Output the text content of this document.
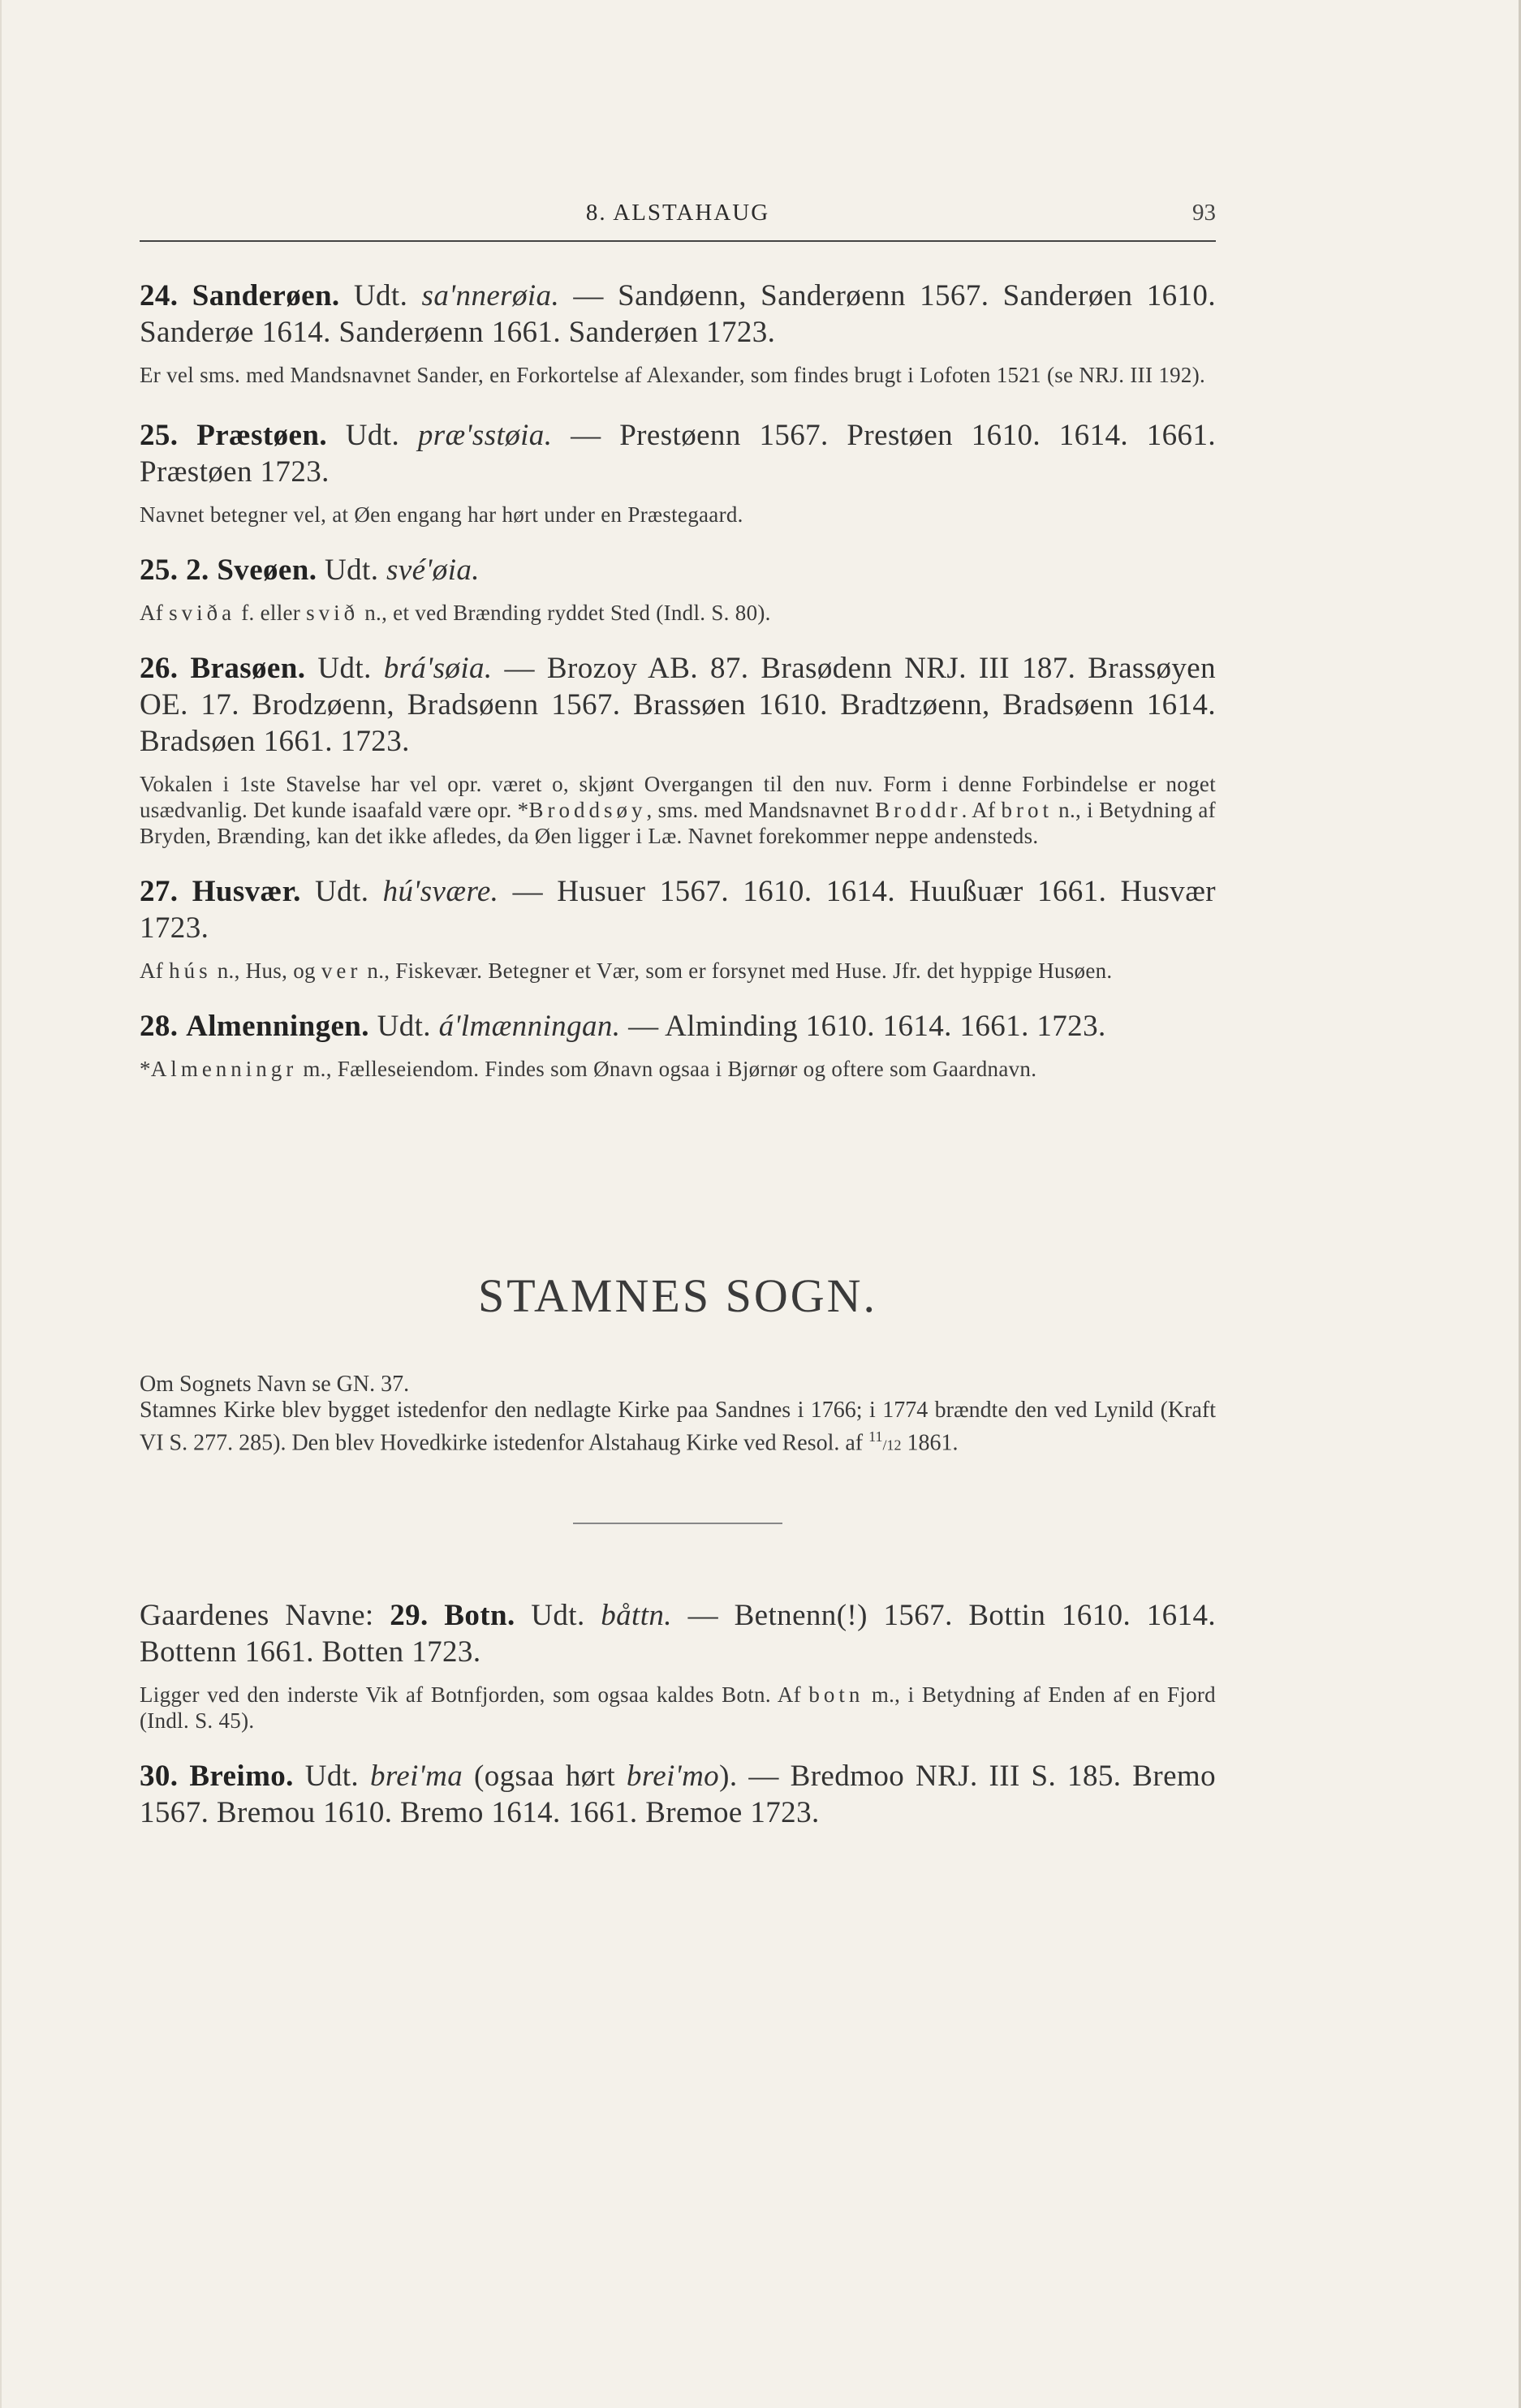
8. ALSTAHAUG	93
24. Sanderøen. Udt. sa'nnerøia. — Sandøenn, Sanderøenn 1567. Sanderøen 1610. Sanderøe 1614. Sanderøenn 1661. Sanderøen 1723.
Er vel sms. med Mandsnavnet Sander, en Forkortelse af Alexander, som findes brugt i Lofoten 1521 (se NRJ. III 192).
25. Præstøen. Udt. præ'sstøia. — Prestøenn 1567. Prestøen 1610. 1614. 1661. Præstøen 1723.
Navnet betegner vel, at Øen engang har hørt under en Præstegaard.
25. 2. Sveøen. Udt. své'øia.
Af sviða f. eller svið n., et ved Brænding ryddet Sted (Indl. S. 80).
26. Brasøen. Udt. brá'søia. — Brozoy AB. 87. Brasødenn NRJ. III 187. Brassøyen OE. 17. Brodzøenn, Bradsøenn 1567. Brassøen 1610. Bradtzøenn, Bradsøenn 1614. Bradsøen 1661. 1723.
Vokalen i 1ste Stavelse har vel opr. været o, skjønt Overgangen til den nuv. Form i denne Forbindelse er noget usædvanlig. Det kunde isaafald være opr. *Broddsøy, sms. med Mandsnavnet Broddr. Af brot n., i Betydning af Bryden, Brænding, kan det ikke afledes, da Øen ligger i Læ. Navnet forekommer neppe andensteds.
27. Husvær. Udt. hú'svære. — Husuer 1567. 1610. 1614. Huußuær 1661. Husvær 1723.
Af hús n., Hus, og ver n., Fiskevær. Betegner et Vær, som er forsynet med Huse. Jfr. det hyppige Husøen.
28. Almenningen. Udt. á'lmænningan. — Alminding 1610. 1614. 1661. 1723.
*Almenningr m., Fælleseiendom. Findes som Ønavn ogsaa i Bjørnør og oftere som Gaardnavn.
STAMNES SOGN.
Om Sognets Navn se GN. 37.
Stamnes Kirke blev bygget istedenfor den nedlagte Kirke paa Sandnes i 1766; i 1774 brændte den ved Lynild (Kraft VI S. 277. 285). Den blev Hovedkirke istedenfor Alstahaug Kirke ved Resol. af $^{11}$/12 1861.
Gaardenes Navne: 29. Botn. Udt. båttn. — Betnenn(!) 1567. Bottin 1610. 1614. Bottenn 1661. Botten 1723.
Ligger ved den inderste Vik af Botnfjorden, som ogsaa kaldes Botn. Af botn m., i Betydning af Enden af en Fjord (Indl. S. 45).
30. Breimo. Udt. brei'ma (ogsaa hørt brei'mo). — Bredmoo NRJ. III S. 185. Bremo 1567. Bremou 1610. Bremo 1614. 1661. Bremoe 1723.
